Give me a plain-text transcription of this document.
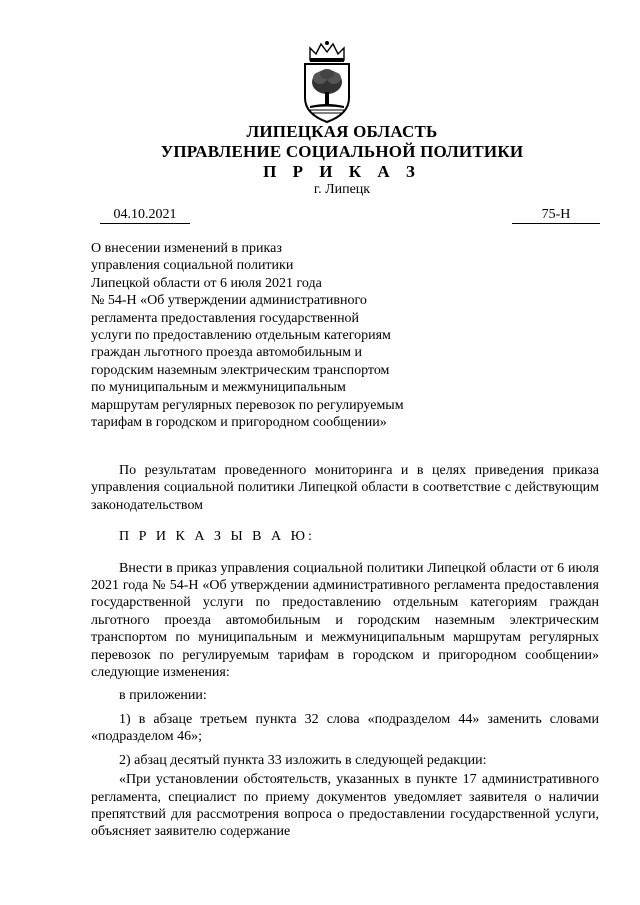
ЛИПЕЦКАЯ ОБЛАСТЬ
УПРАВЛЕНИЕ СОЦИАЛЬНОЙ ПОЛИТИКИ
П Р И К А З
г. Липецк
04.10.2021	75-Н
О внесении изменений в приказ
управления социальной политики
Липецкой области от 6 июля 2021 года
№ 54-Н «Об утверждении административного
регламента предоставления государственной
услуги по предоставлению отдельным категориям
граждан льготного проезда автомобильным и
городским наземным электрическим транспортом
по муниципальным и межмуниципальным
маршрутам регулярных перевозок по регулируемым
тарифам в городском и пригородном сообщении»

По результатам проведенного мониторинга и в целях приведения приказа управления социальной политики Липецкой области в соответствие с действующим законодательством

П Р И К А З Ы В А Ю:

Внести в приказ управления социальной политики Липецкой области от 6 июля 2021 года № 54-Н «Об утверждении административного регламента предоставления государственной услуги по предоставлению отдельным категориям граждан льготного проезда автомобильным и городским наземным электрическим транспортом по муниципальным и межмуниципальным маршрутам регулярных перевозок по регулируемым тарифам в городском и пригородном сообщении» следующие изменения:

в приложении:

1) в абзаце третьем пункта 32 слова «подразделом 44» заменить словами «подразделом 46»;

2) абзац десятый пункта 33 изложить в следующей редакции:

«При установлении обстоятельств, указанных в пункте 17 административного регламента, специалист по приему документов уведомляет заявителя о наличии препятствий для рассмотрения вопроса о предоставлении государственной услуги, объясняет заявителю содержание
